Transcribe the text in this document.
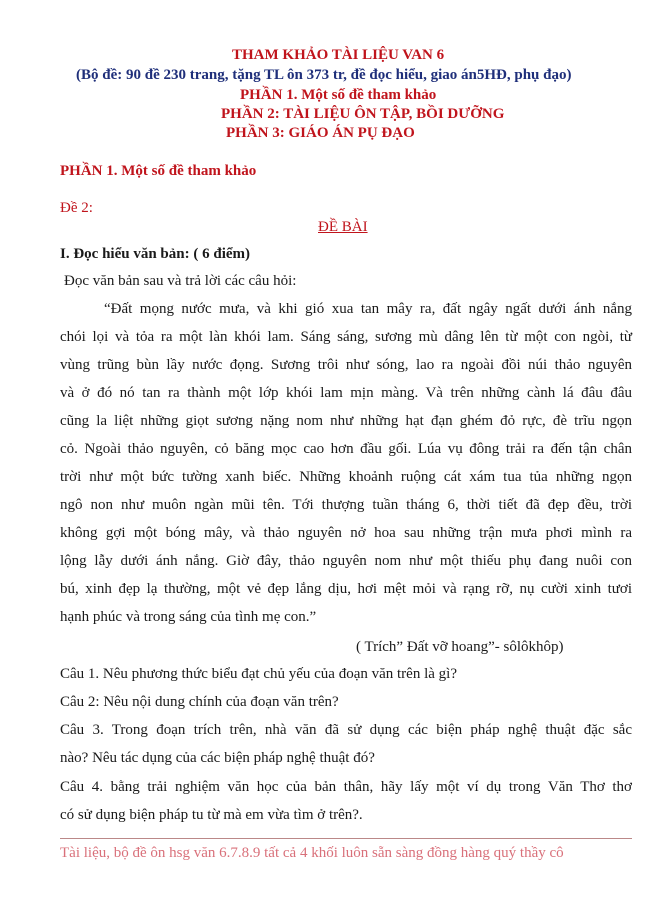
THAM KHẢO TÀI LIỆU VAN 6
(Bộ đề: 90 đề 230 trang, tặng TL ôn 373 tr, đề đọc hiểu, giao án5HĐ, phụ đạo)
PHẦN 1. Một số đề tham khảo
PHẦN 2: TÀI LIỆU ÔN TẬP, BỒI DƯỠNG
PHẦN 3: GIÁO ÁN PỤ ĐẠO
PHẦN 1. Một số đề tham khảo
Đề 2:
ĐỀ BÀI
I. Đọc hiểu văn bản: ( 6 điểm)
Đọc văn bản sau và trả lời các câu hỏi:
“Đất mọng nước mưa, và khi gió xua tan mây ra, đất ngây ngất dưới ánh nắng
chói lọi và tỏa ra một làn khói lam. Sáng sáng, sương mù dâng lên từ một con ngòi, từ
vùng trũng bùn lầy nước đọng. Sương trôi như sóng, lao ra ngoài đồi núi thảo nguyên
và ở đó nó tan ra thành một lớp khói lam mịn màng. Và trên những cành lá đâu đâu
cũng la liệt những giọt sương nặng nom như những hạt đạn ghém đỏ rực, đè trĩu ngọn
cỏ. Ngoài thảo nguyên, cỏ băng mọc cao hơn đầu gối. Lúa vụ đông trải ra đến tận chân
trời như một bức tường xanh biếc. Những khoảnh ruộng cát xám tua tủa những ngọn
ngô non như muôn ngàn mũi tên. Tới thượng tuần tháng 6, thời tiết đã đẹp đều, trời
không gợi một bóng mây, và thảo nguyên nở hoa sau những trận mưa phơi mình ra
lộng lẫy dưới ánh nắng. Giờ đây, thảo nguyên nom như một thiếu phụ đang nuôi con
bú, xinh đẹp lạ thường, một vẻ đẹp lắng dịu, hơi mệt mỏi và rạng rỡ, nụ cười xinh tươi
hạnh phúc và trong sáng của tình mẹ con.”
( Trích” Đất vỡ hoang”- sôlôkhôp)
Câu 1. Nêu phương thức biểu đạt chủ yếu của đoạn văn trên là gì?
Câu 2: Nêu nội dung chính của đoạn văn trên?
Câu 3. Trong đoạn trích trên, nhà văn đã sử dụng các biện pháp nghệ thuật đặc sắc
nào? Nêu tác dụng của các biện pháp nghệ thuật đó?
Câu 4. bằng trải nghiệm văn học của bản thân, hãy lấy một ví dụ trong Văn Thơ thơ
có sử dụng biện pháp tu từ mà em vừa tìm ở trên?.
Tài liệu, bộ đề ôn hsg văn 6.7.8.9 tất cả 4 khối luôn sẵn sàng đồng hàng quý thầy cô
